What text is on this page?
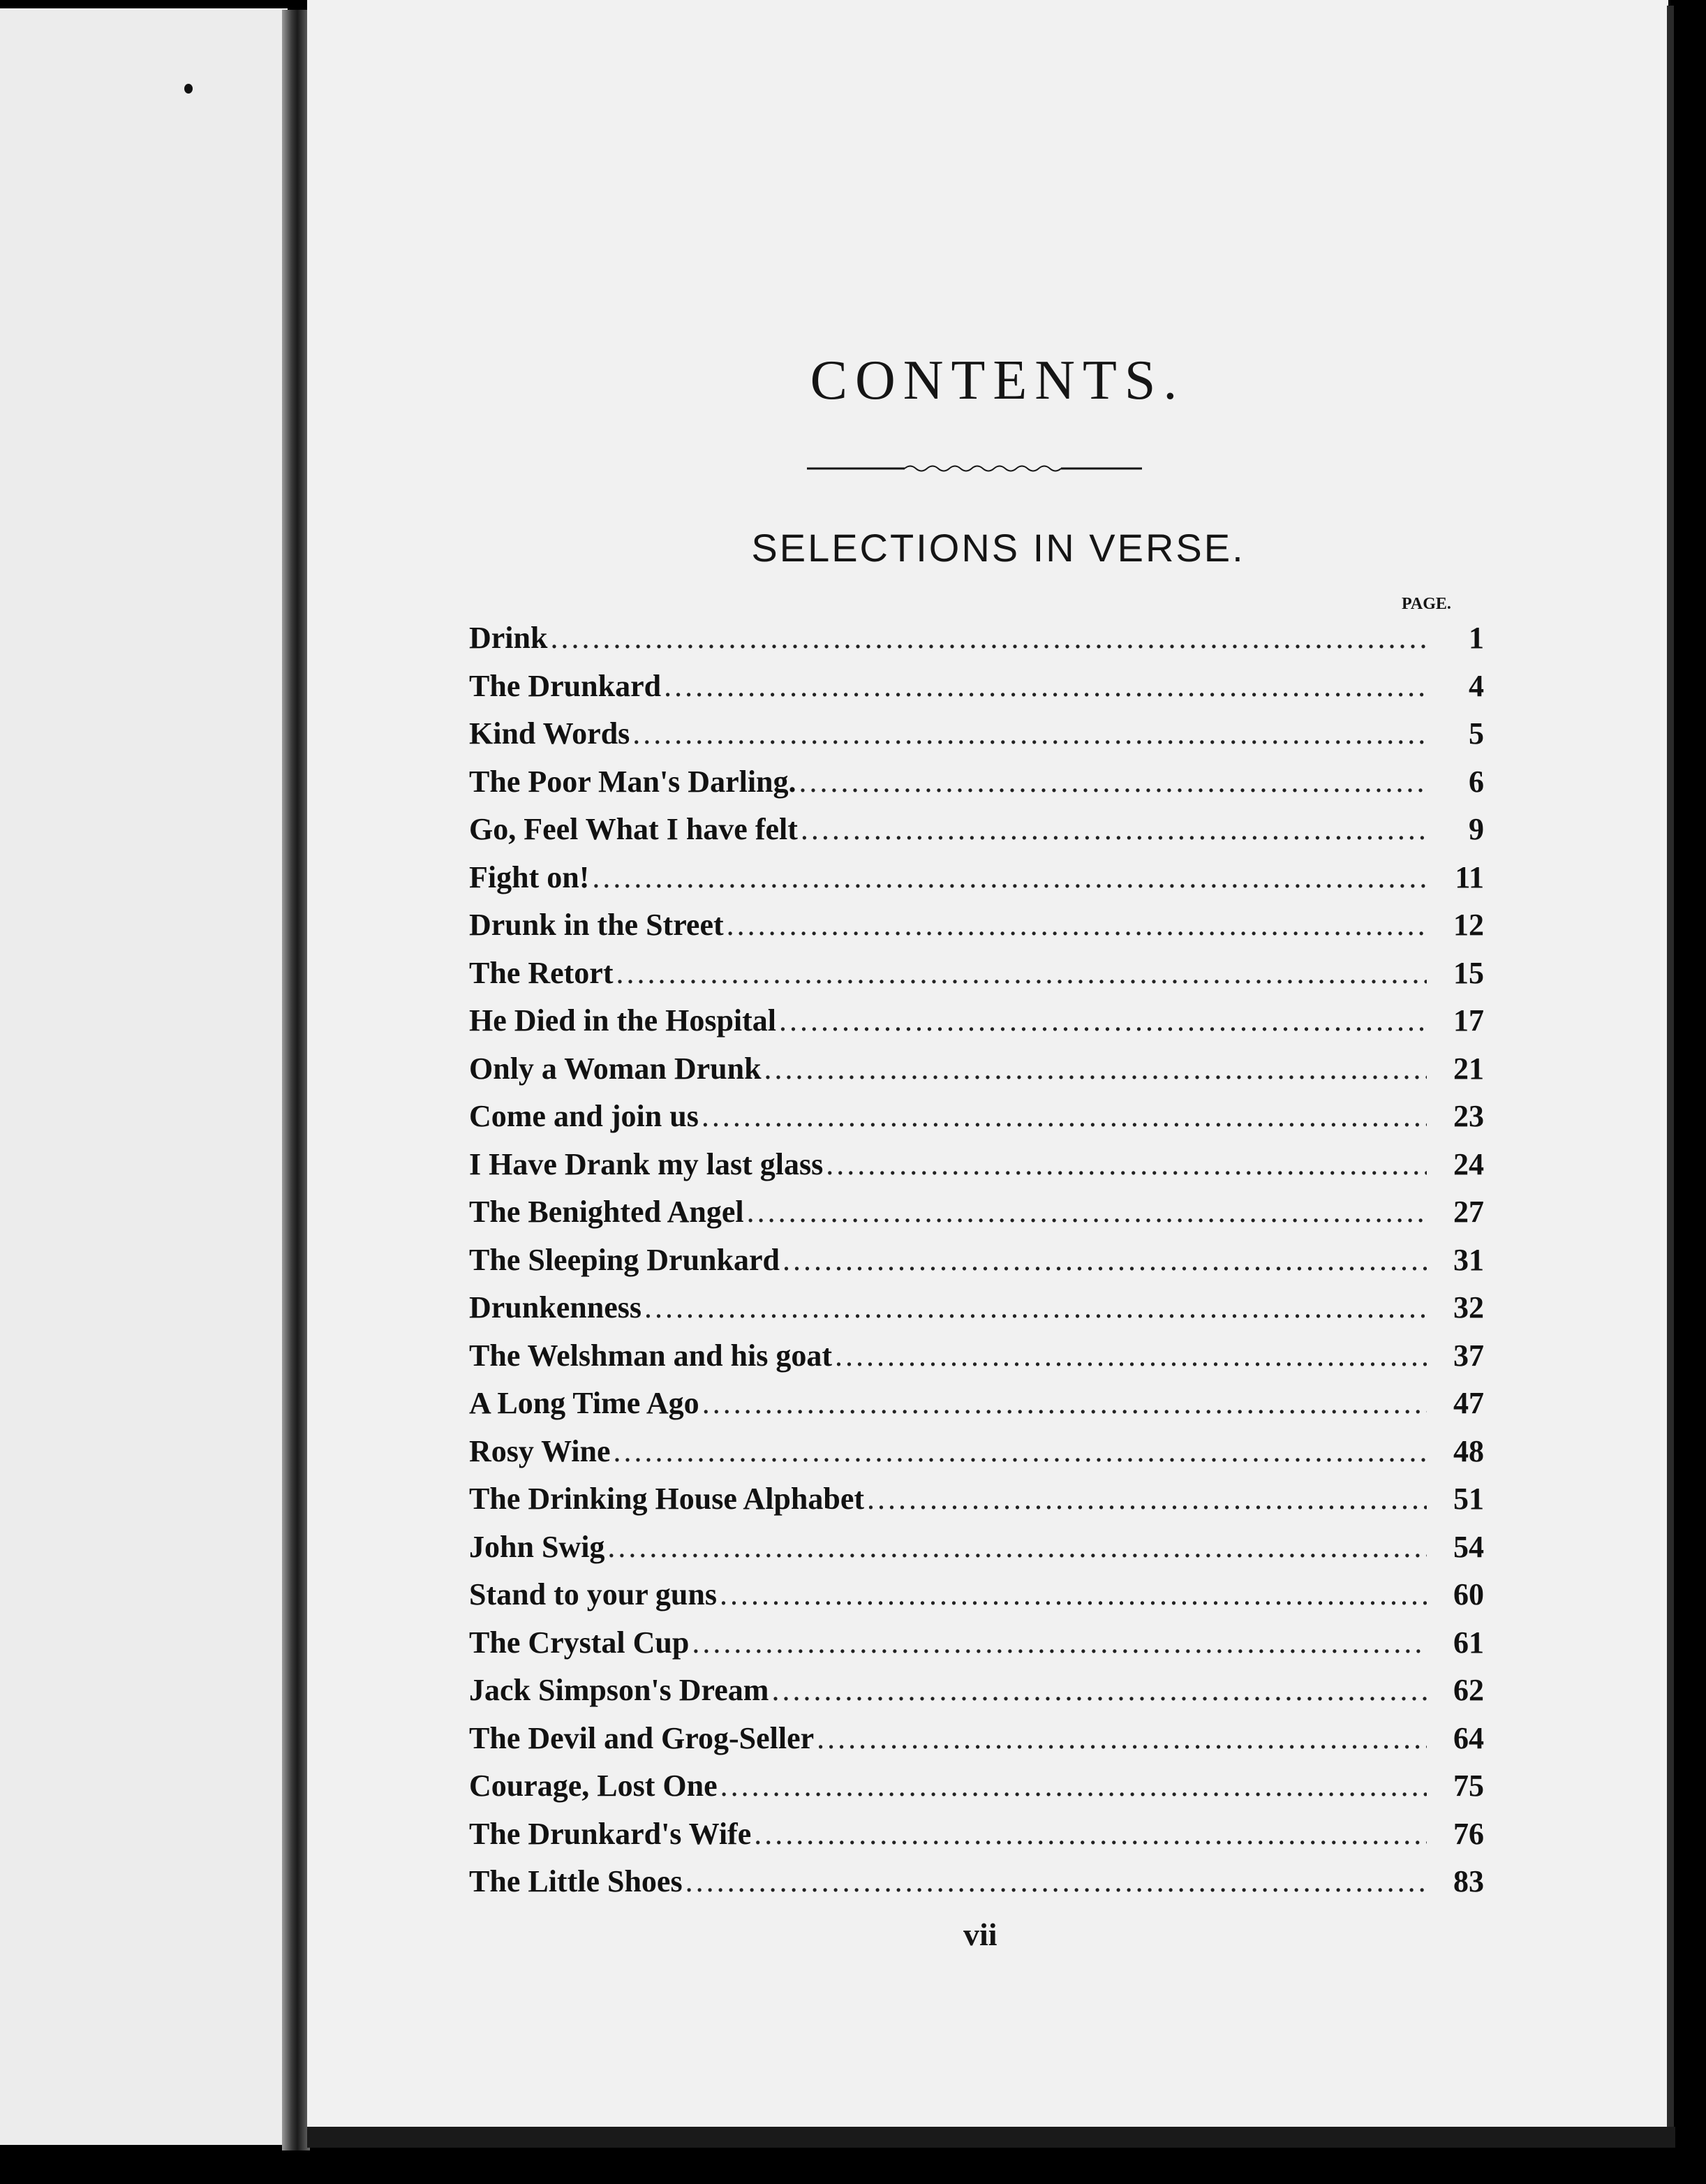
CONTENTS.
SELECTIONS IN VERSE.
PAGE.
Drink .....	1
The Drunkard .....	4
Kind Words .....	5
The Poor Man's Darling. .....	6
Go, Feel What I have felt .....	9
Fight on! .....	11
Drunk in the Street .....	12
The Retort .....	15
He Died in the Hospital .....	17
Only a Woman Drunk .....	21
Come and join us .....	23
I Have Drank my last glass .....	24
The Benighted Angel .....	27
The Sleeping Drunkard .....	31
Drunkenness .....	32
The Welshman and his goat .....	37
A Long Time Ago .....	47
Rosy Wine .....	48
The Drinking House Alphabet .....	51
John Swig .....	54
Stand to your guns .....	60
The Crystal Cup .....	61
Jack Simpson's Dream .....	62
The Devil and Grog-Seller .....	64
Courage, Lost One .....	75
The Drunkard's Wife .....	76
The Little Shoes .....	83
vii
